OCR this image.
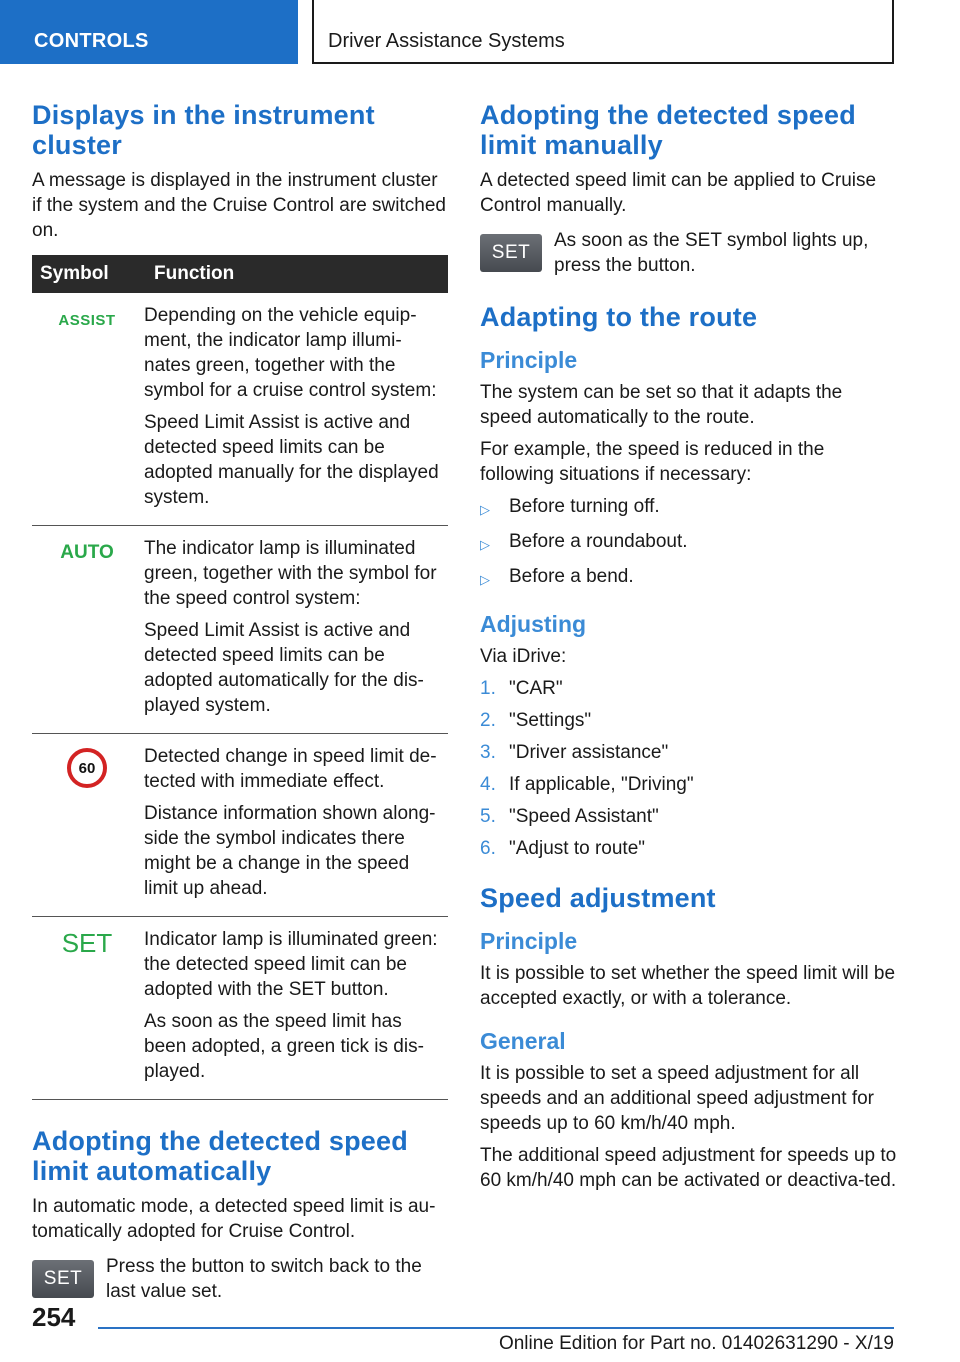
CONTROLS	Driver Assistance Systems
Displays in the instrument cluster

A message is displayed in the instrument cluster if the system and the Cruise Control are switched on.

Symbol	Function
ASSIST	Depending on the vehicle equip-ment, the indicator lamp illumi-nates green, together with the symbol for a cruise control system:

Speed Limit Assist is active and detected speed limits can be adopted manually for the displayed system.

AUTO	The indicator lamp is illuminated green, together with the symbol for the speed control system:

Speed Limit Assist is active and detected speed limits can be adopted automatically for the dis-played system.

60	Detected change in speed limit de-tected with immediate effect.

Distance information shown along-side the symbol indicates there might be a change in the speed limit up ahead.

SET	Indicator lamp is illuminated green: the detected speed limit can be adopted with the SET button.

As soon as the speed limit has been adopted, a green tick is dis-played.

Adopting the detected speed limit automatically

In automatic mode, a detected speed limit is au-tomatically adopted for Cruise Control.

SET

Press the button to switch back to the last value set.

Adopting the detected speed limit manually

A detected speed limit can be applied to Cruise Control manually.

SET

As soon as the SET symbol lights up, press the button.

Adapting to the route
Principle

The system can be set so that it adapts the speed automatically to the route.

For example, the speed is reduced in the following situations if necessary:

▷	Before turning off.
▷	Before a roundabout.
▷	Before a bend.
Adjusting

Via iDrive:

1. "CAR"
2. "Settings"
3. "Driver assistance"
4. If applicable, "Driving"
5. "Speed Assistant"
6. "Adjust to route"
Speed adjustment
Principle

It is possible to set whether the speed limit will be accepted exactly, or with a tolerance.

General

It is possible to set a speed adjustment for all speeds and an additional speed adjustment for speeds up to 60 km/h/40 mph.

The additional speed adjustment for speeds up to 60 km/h/40 mph can be activated or deactiva-ted.

254
Online Edition for Part no. 01402631290 - X/19
